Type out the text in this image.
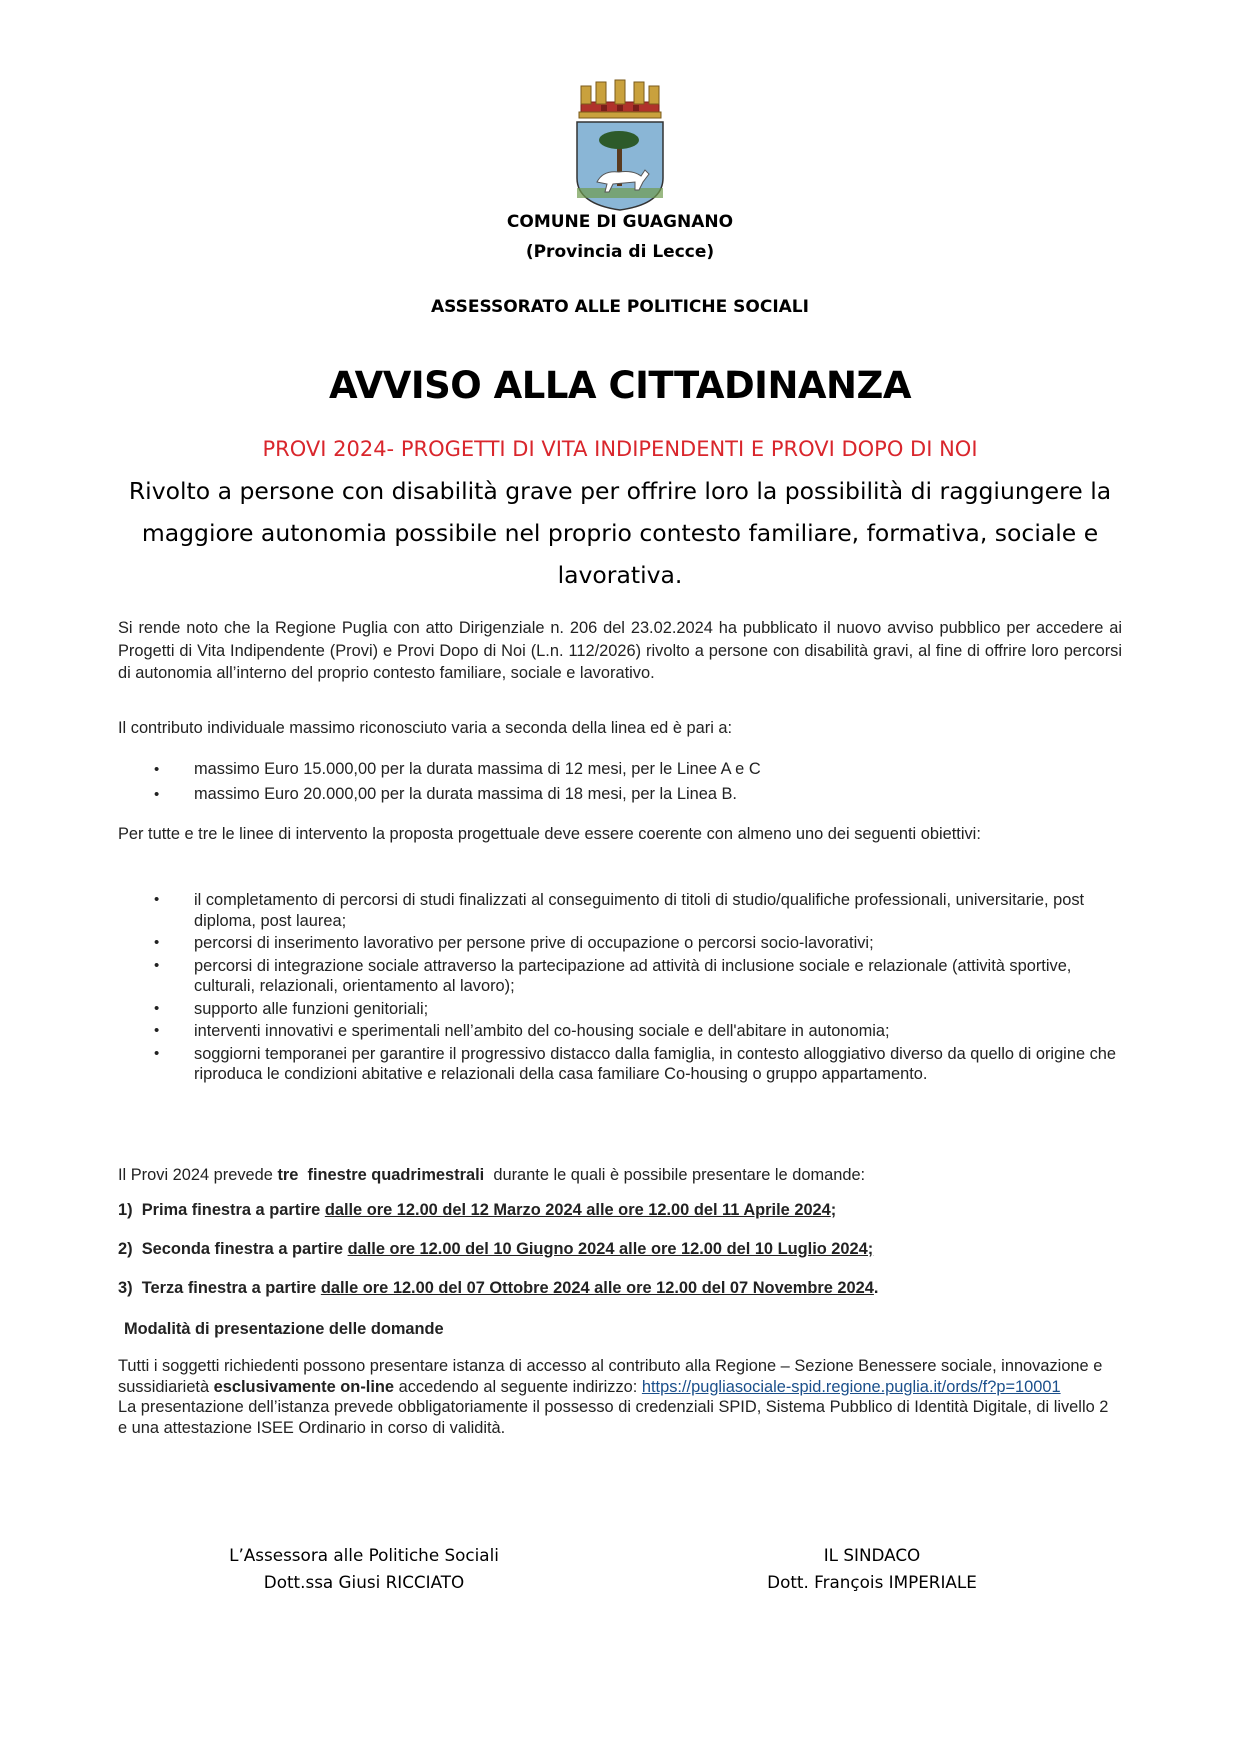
COMUNE DI GUAGNANO
(Provincia di Lecce)
ASSESSORATO ALLE POLITICHE SOCIALI
AVVISO ALLA CITTADINANZA
PROVI 2024- PROGETTI DI VITA INDIPENDENTI E PROVI DOPO DI NOI
Rivolto a persone con disabilità grave per offrire loro la possibilità di raggiungere la
maggiore autonomia possibile nel proprio contesto familiare, formativa, sociale e
lavorativa.
Si rende noto che la Regione Puglia con atto Dirigenziale n. 206 del 23.02.2024 ha pubblicato il nuovo avviso pubblico per accedere ai Progetti di Vita Indipendente (Provi) e Provi Dopo di Noi (L.n. 112/2026) rivolto a persone con disabilità gravi, al fine di offrire loro percorsi di autonomia all’interno del proprio contesto familiare, sociale e lavorativo.
Il contributo individuale massimo riconosciuto varia a seconda della linea ed è pari a:
• massimo Euro 15.000,00 per la durata massima di 12 mesi, per le Linee A e C
• massimo Euro 20.000,00 per la durata massima di 18 mesi, per la Linea B.
Per tutte e tre le linee di intervento la proposta progettuale deve essere coerente con almeno uno dei seguenti obiettivi:
• il completamento di percorsi di studi finalizzati al conseguimento di titoli di studio/qualifiche professionali, universitarie, post diploma, post laurea;
• percorsi di inserimento lavorativo per persone prive di occupazione o percorsi socio-lavorativi;
• percorsi di integrazione sociale attraverso la partecipazione ad attività di inclusione sociale e relazionale (attività sportive, culturali, relazionali, orientamento al lavoro);
• supporto alle funzioni genitoriali;
• interventi innovativi e sperimentali nell’ambito del co-housing sociale e dell'abitare in autonomia;
• soggiorni temporanei per garantire il progressivo distacco dalla famiglia, in contesto alloggiativo diverso da quello di origine che riproduca le condizioni abitative e relazionali della casa familiare Co-housing o gruppo appartamento.
Il Provi 2024 prevede tre finestre quadrimestrali durante le quali è possibile presentare le domande:
1) Prima finestra a partire dalle ore 12.00 del 12 Marzo 2024 alle ore 12.00 del 11 Aprile 2024;
2) Seconda finestra a partire dalle ore 12.00 del 10 Giugno 2024 alle ore 12.00 del 10 Luglio 2024;
3) Terza finestra a partire dalle ore 12.00 del 07 Ottobre 2024 alle ore 12.00 del 07 Novembre 2024.
Modalità di presentazione delle domande
Tutti i soggetti richiedenti possono presentare istanza di accesso al contributo alla Regione – Sezione Benessere sociale, innovazione e sussidiarietà esclusivamente on-line accedendo al seguente indirizzo: https://pugliasociale-spid.regione.puglia.it/ords/f?p=10001
La presentazione dell’istanza prevede obbligatoriamente il possesso di credenziali SPID, Sistema Pubblico di Identità Digitale, di livello 2 e una attestazione ISEE Ordinario in corso di validità.
L’Assessora alle Politiche Sociali
Dott.ssa Giusi RICCIATO
IL SINDACO
Dott. François IMPERIALE
